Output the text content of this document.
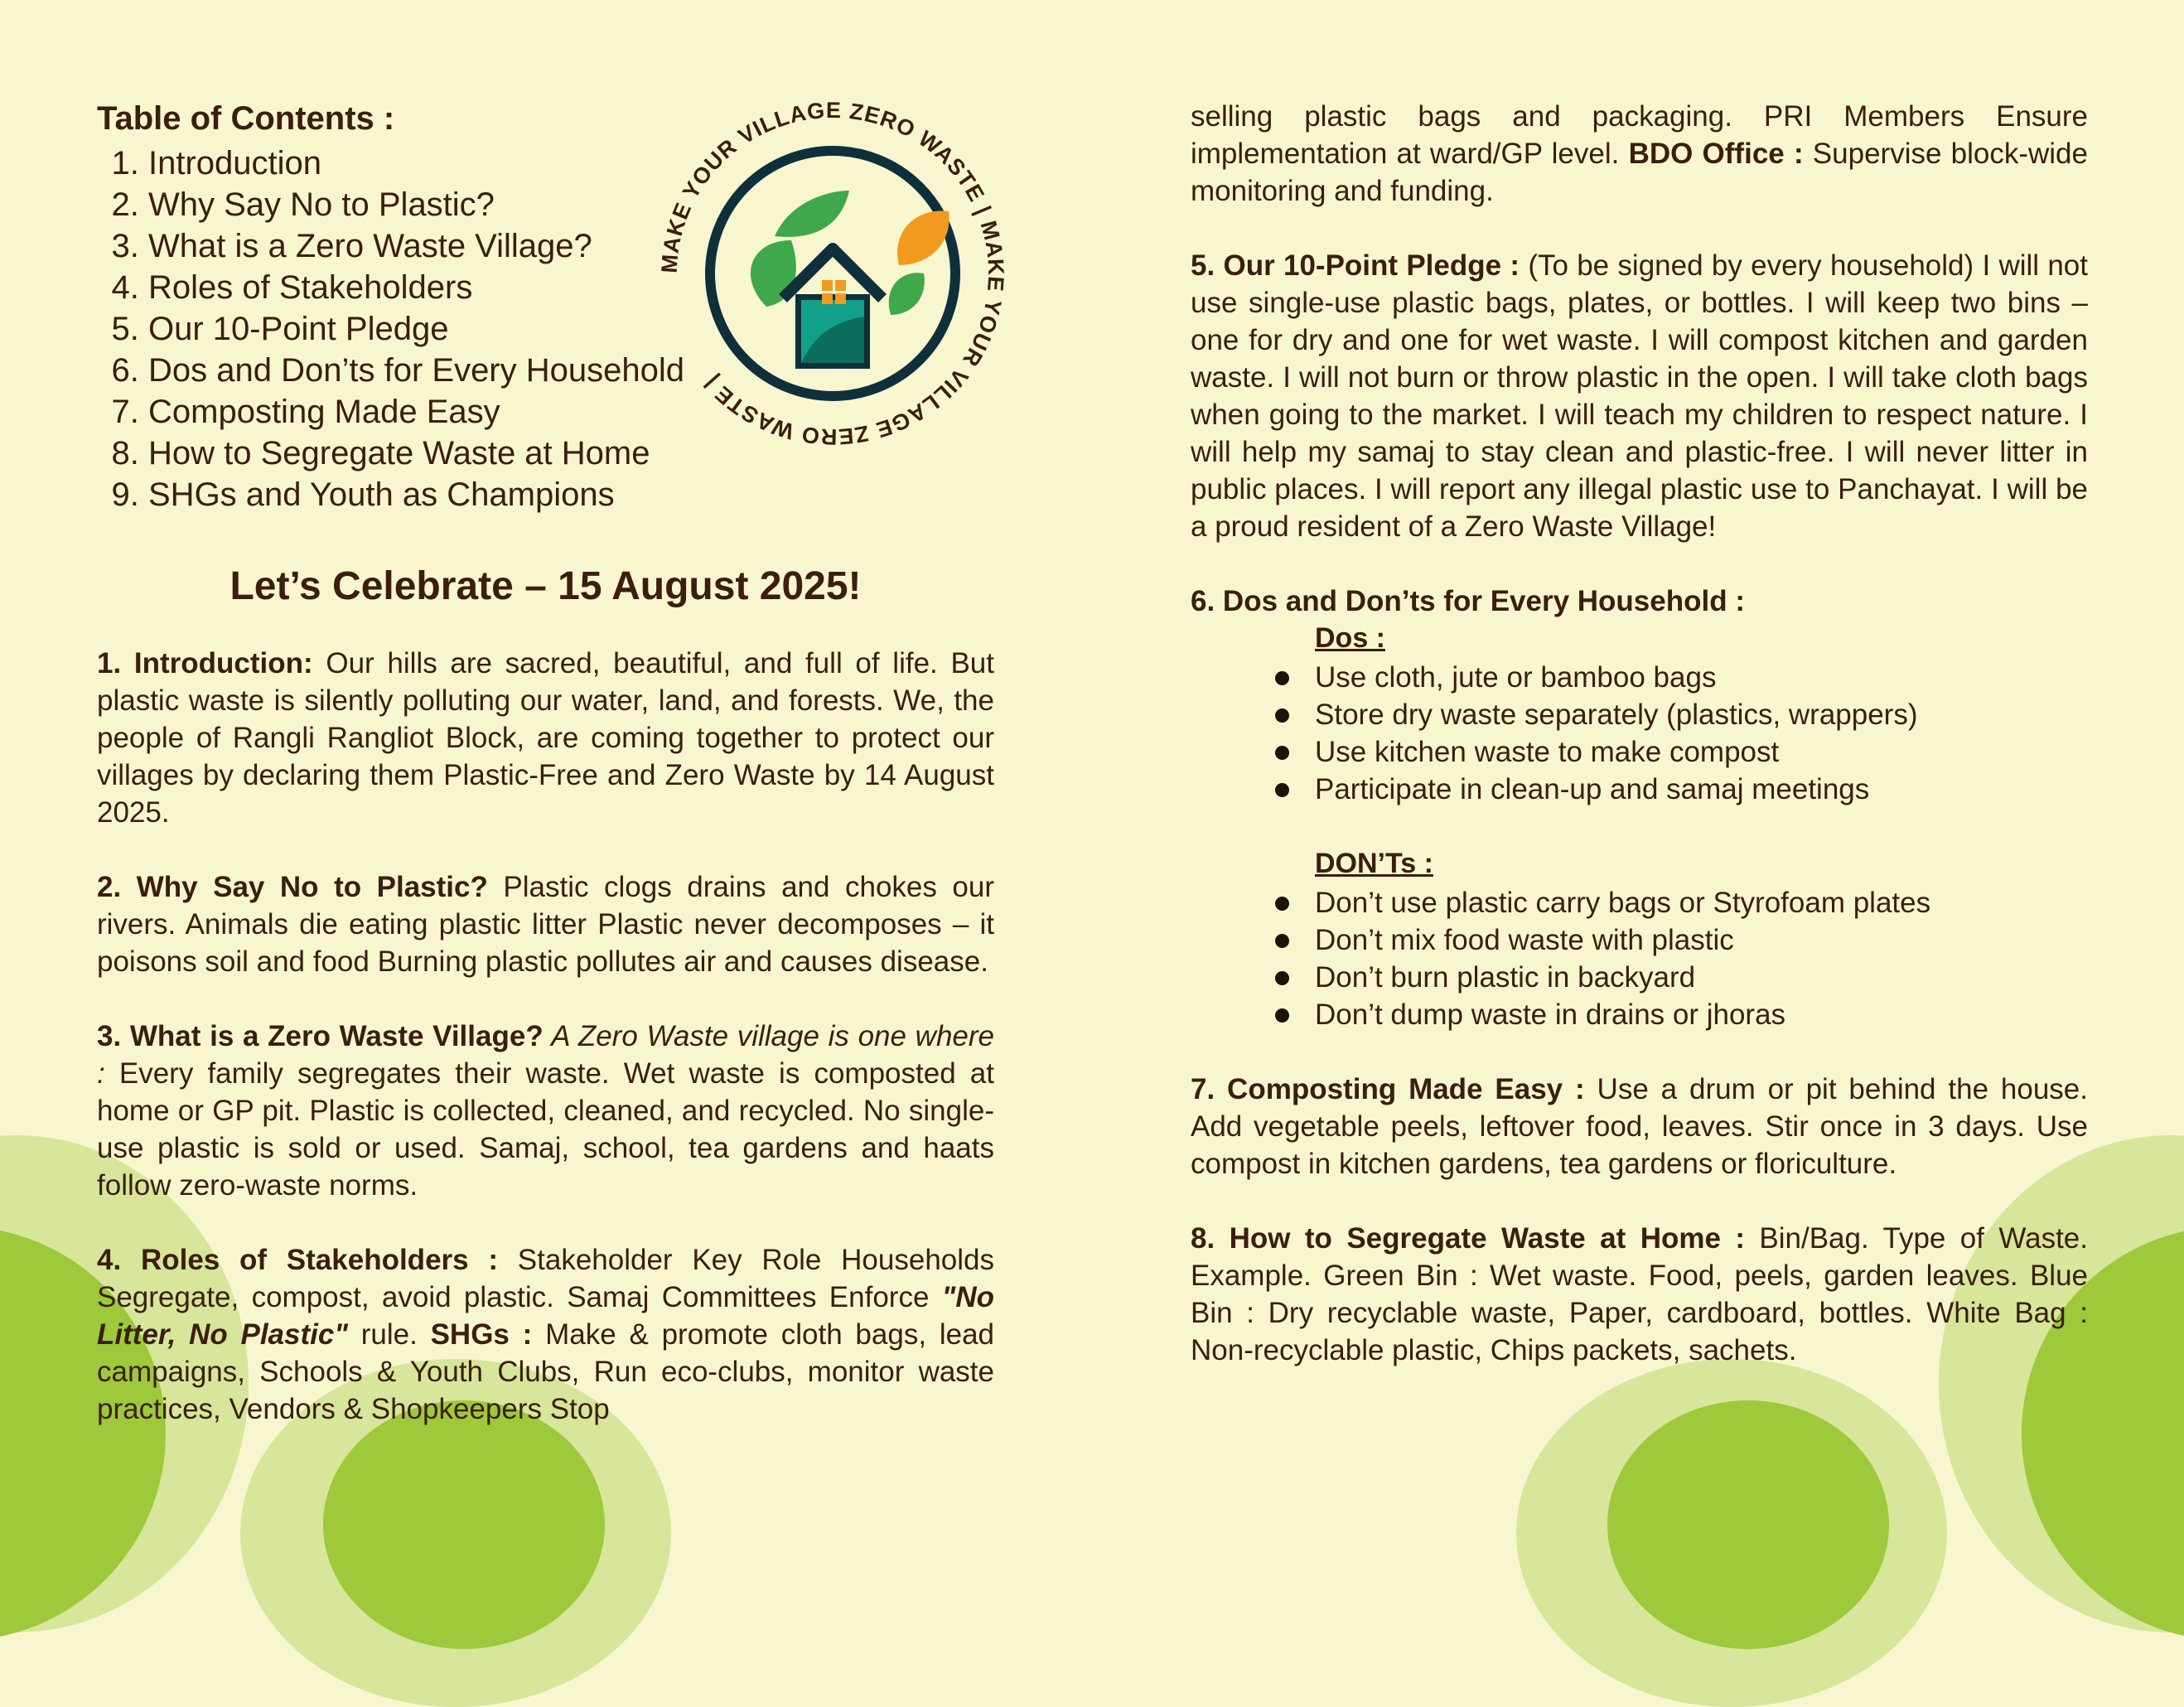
MAKE YOUR VILLAGE ZERO WASTE | MAKE YOUR VILLAGE ZERO WASTE |
Table of Contents :
1. Introduction
2. Why Say No to Plastic?
3. What is a Zero Waste Village?
4. Roles of Stakeholders
5. Our 10-Point Pledge
6. Dos and Don’ts for Every Household
7. Composting Made Easy
8. How to Segregate Waste at Home
9. SHGs and Youth as Champions
Let’s Celebrate – 15 August 2025!

1. Introduction: Our hills are sacred, beautiful, and full of life. But plastic waste is silently polluting our water, land, and forests. We, the people of Rangli Rangliot Block, are coming together to protect our villages by declaring them Plastic-Free and Zero Waste by 14 August 2025.

2. Why Say No to Plastic? Plastic clogs drains and chokes our rivers. Animals die eating plastic litter Plastic never decomposes – it poisons soil and food Burning plastic pollutes air and causes disease.

3. What is a Zero Waste Village? A Zero Waste village is one where : Every family segregates their waste. Wet waste is composted at home or GP pit. Plastic is collected, cleaned, and recycled. No single-use plastic is sold or used. Samaj, school, tea gardens and haats follow zero-waste norms.

4. Roles of Stakeholders : Stakeholder Key Role Households Segregate, compost, avoid plastic. Samaj Committees Enforce "No Litter, No Plastic" rule. SHGs : Make & promote cloth bags, lead campaigns, Schools & Youth Clubs, Run eco-clubs, monitor waste practices, Vendors & Shopkeepers Stop

selling plastic bags and packaging. PRI Members Ensure implementation at ward/GP level. BDO Office : Supervise block-wide monitoring and funding.

5. Our 10-Point Pledge : (To be signed by every household) I will not use single-use plastic bags, plates, or bottles. I will keep two bins – one for dry and one for wet waste. I will compost kitchen and garden waste. I will not burn or throw plastic in the open. I will take cloth bags when going to the market. I will teach my children to respect nature. I will help my samaj to stay clean and plastic-free. I will never litter in public places. I will report any illegal plastic use to Panchayat. I will be a proud resident of a Zero Waste Village!

6. Dos and Don’ts for Every Household :

Dos :
Use cloth, jute or bamboo bags
Store dry waste separately (plastics, wrappers)
Use kitchen waste to make compost
Participate in clean-up and samaj meetings
DON’Ts :
Don’t use plastic carry bags or Styrofoam plates
Don’t mix food waste with plastic
Don’t burn plastic in backyard
Don’t dump waste in drains or jhoras

7. Composting Made Easy : Use a drum or pit behind the house. Add vegetable peels, leftover food, leaves. Stir once in 3 days. Use compost in kitchen gardens, tea gardens or floriculture.

8. How to Segregate Waste at Home : Bin/Bag. Type of Waste. Example. Green Bin : Wet waste. Food, peels, garden leaves. Blue Bin : Dry recyclable waste, Paper, cardboard, bottles. White Bag : Non-recyclable plastic, Chips packets, sachets.
